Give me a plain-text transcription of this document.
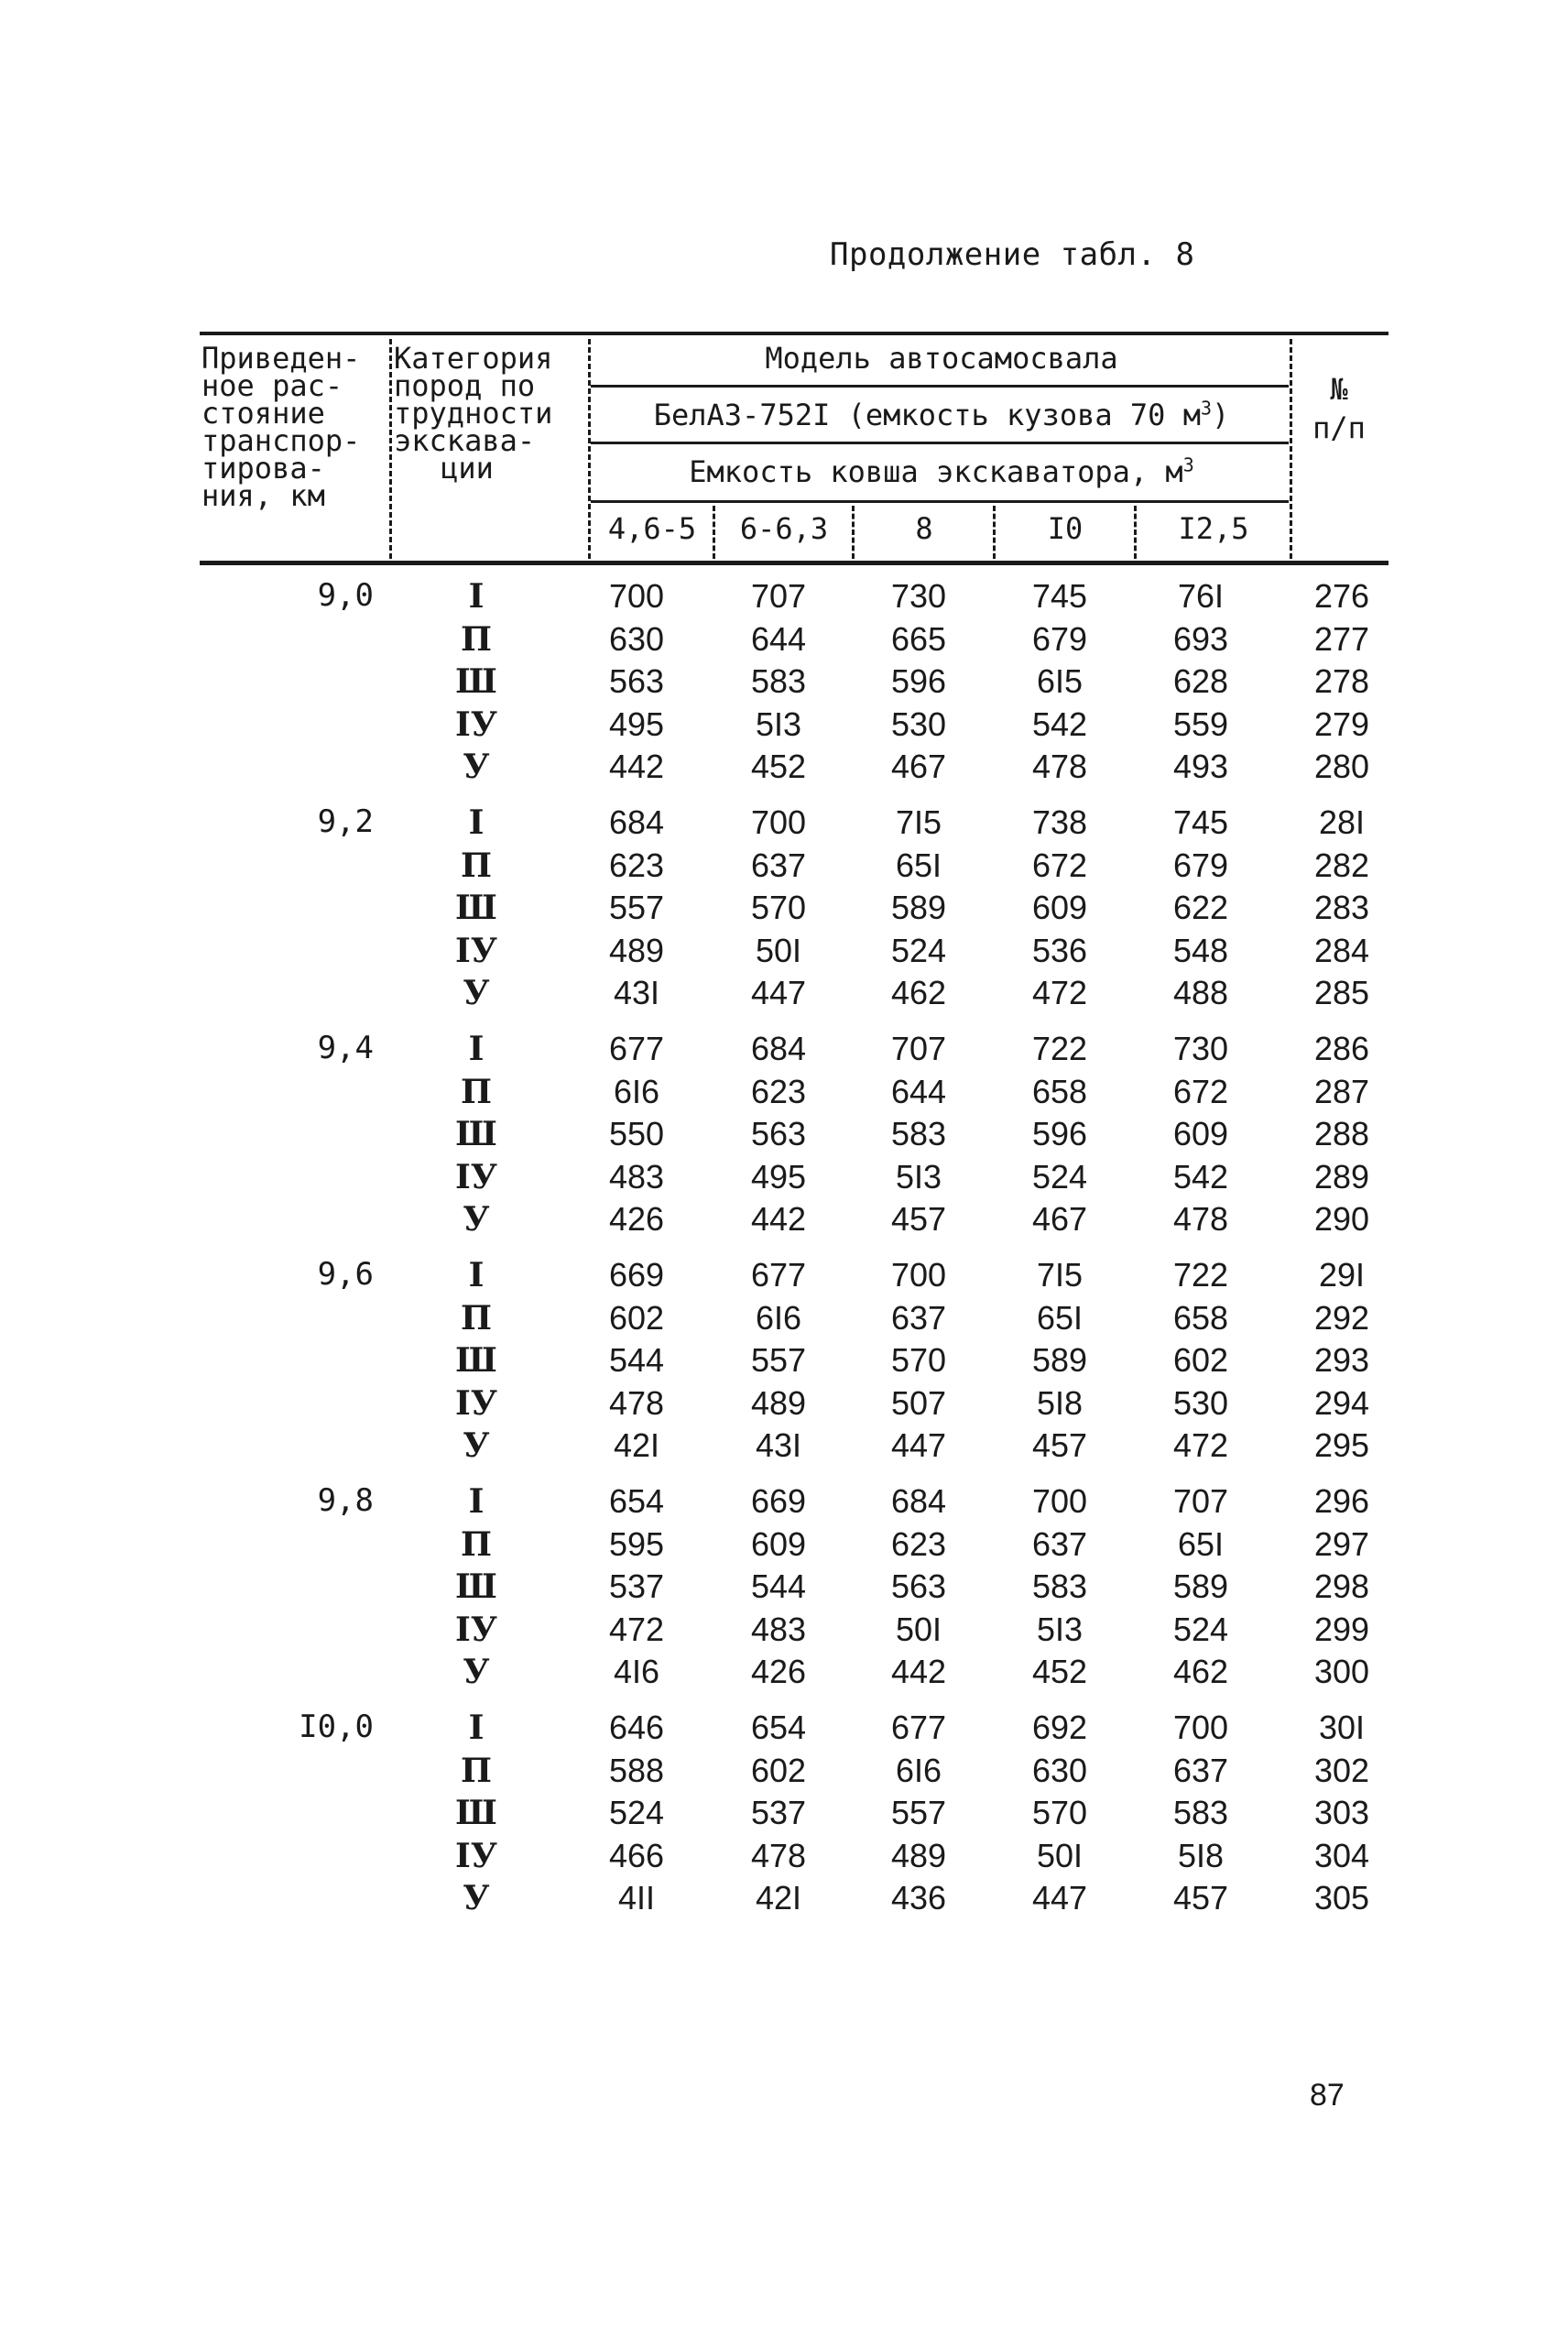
Продолжение табл. 8
Приведен-
ное рас-
стояние
транспор-
тирова-
ния, км
Категория
пород по
трудности
экскава-
ции
Модель автосамосвала
БелАЗ-752I (емкость кузова 70 $м^3$)
Емкость ковша экскаватора, $м^3$
4,6-5	6-6,3	8	I0	I2,5
№
п/п
9,0	I	700	707	730	745	76I	276
П	630	644	665	679	693	277
Ш	563	583	596	6I5	628	278
IУ	495	5I3	530	542	559	279
У	442	452	467	478	493	280
9,2	I	684	700	7I5	738	745	28I
П	623	637	65I	672	679	282
Ш	557	570	589	609	622	283
IУ	489	50I	524	536	548	284
У	43I	447	462	472	488	285
9,4	I	677	684	707	722	730	286
П	6I6	623	644	658	672	287
Ш	550	563	583	596	609	288
IУ	483	495	5I3	524	542	289
У	426	442	457	467	478	290
9,6	I	669	677	700	7I5	722	29I
П	602	6I6	637	65I	658	292
Ш	544	557	570	589	602	293
IУ	478	489	507	5I8	530	294
У	42I	43I	447	457	472	295
9,8	I	654	669	684	700	707	296
П	595	609	623	637	65I	297
Ш	537	544	563	583	589	298
IУ	472	483	50I	5I3	524	299
У	4I6	426	442	452	462	300
I0,0	I	646	654	677	692	700	30I
П	588	602	6I6	630	637	302
Ш	524	537	557	570	583	303
IУ	466	478	489	50I	5I8	304
У	4II	42I	436	447	457	305
87
